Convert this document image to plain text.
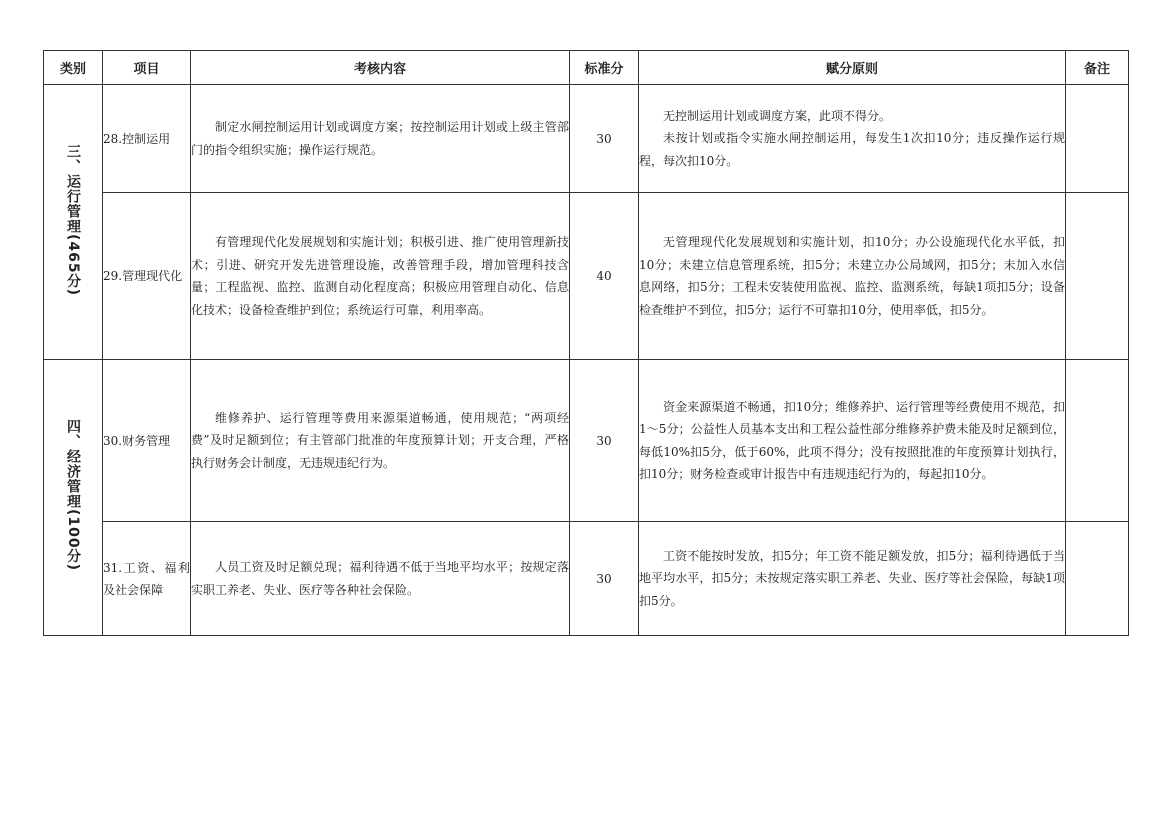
类别	项目	考核内容	标准分	赋分原则	备注
三、运行管理(465分)	28.控制运用	制定水闸控制运用计划或调度方案；按控制运用计划或上级主管部门的指令组织实施；操作运行规范。	30	无控制运用计划或调度方案，此项不得分。

未按计划或指令实施水闸控制运用，每发生1次扣10分；违反操作运行规程，每次扣10分。	

	29.管理现代化	有管理现代化发展规划和实施计划；积极引进、推广使用管理新技术；引进、研究开发先进管理设施，改善管理手段，增加管理科技含量；工程监视、监控、监测自动化程度高；积极应用管理自动化、信息化技术；设备检查维护到位；系统运行可靠，利用率高。	40	无管理现代化发展规划和实施计划，扣10分；办公设施现代化水平低，扣10分；未建立信息管理系统，扣5分；未建立办公局域网，扣5分；未加入水信息网络，扣5分；工程未安装使用监视、监控、监测系统，每缺1项扣5分；设备检查维护不到位，扣5分；运行不可靠扣10分，使用率低，扣5分。	

四、经济管理(100分)	30.财务管理	维修养护、运行管理等费用来源渠道畅通，使用规范；“两项经费”及时足额到位；有主管部门批准的年度预算计划；开支合理，严格执行财务会计制度，无违规违纪行为。	30	资金来源渠道不畅通，扣10分；维修养护、运行管理等经费使用不规范，扣1～5分；公益性人员基本支出和工程公益性部分维修养护费未能及时足额到位，每低10%扣5分，低于60%，此项不得分；没有按照批准的年度预算计划执行，扣10分；财务检查或审计报告中有违规违纪行为的，每起扣10分。	

	31.工资、福利及社会保障	人员工资及时足额兑现；福利待遇不低于当地平均水平；按规定落实职工养老、失业、医疗等各种社会保险。	30	工资不能按时发放，扣5分；年工资不能足额发放，扣5分；福利待遇低于当地平均水平，扣5分；未按规定落实职工养老、失业、医疗等社会保险，每缺1项扣5分。	
